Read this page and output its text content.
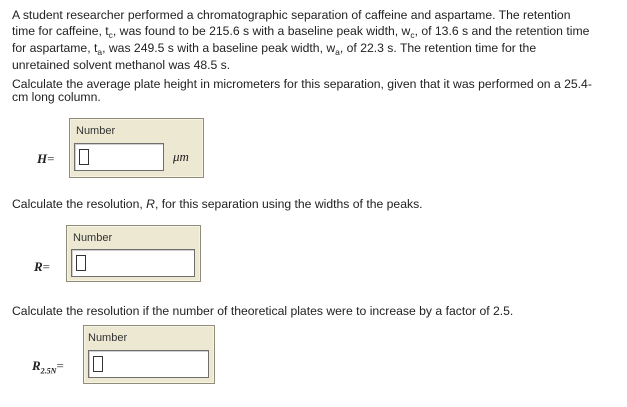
A student researcher performed a chromatographic separation of caffeine and aspartame. The retention
time for caffeine, $t_c$, was found to be 215.6 s with a baseline peak width, $w_c$, of 13.6 s and the retention time
for aspartame, $t_a$, was 249.5 s with a baseline peak width, $w_a$, of 22.3 s. The retention time for the
unretained solvent methanol was 48.5 s.
Calculate the average plate height in micrometers for this separation, given that it was performed on a 25.4-
cm long column.
Number
μm
H=
Calculate the resolution, R, for this separation using the widths of the peaks.
Number
R=
Calculate the resolution if the number of theoretical plates were to increase by a factor of 2.5.
Number
$R_{2.5N}=$
